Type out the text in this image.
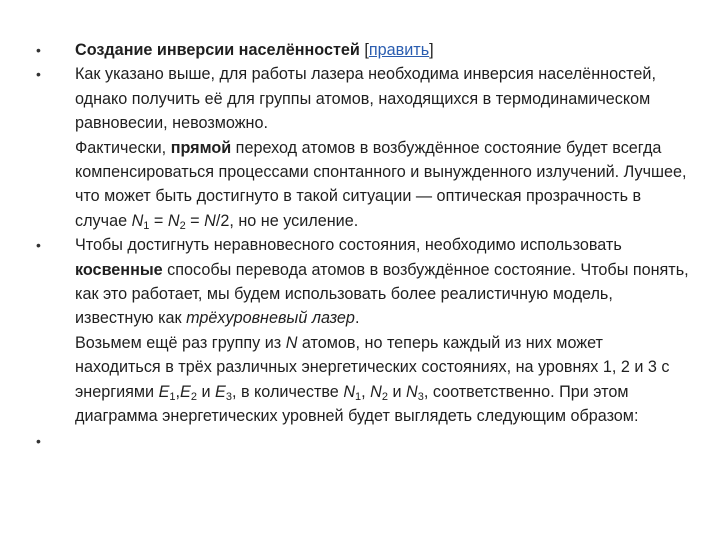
•	Создание инверсии населённостей [править]
•	Как указано выше, для работы лазера необходима инверсия населённостей, однако получить её для группы атомов, находящихся в термодинамическом равновесии, невозможно.
Фактически, прямой переход атомов в возбуждённое состояние будет всегда компенсироваться процессами спонтанного и вынужденного излучений. Лучшее, что может быть достигнуто в такой ситуации — оптическая прозрачность в случае $N_1 = N_2 = N/2$, но не усиление.
•	Чтобы достигнуть неравновесного состояния, необходимо использовать косвенные способы перевода атомов в возбуждённое состояние. Чтобы понять, как это работает, мы будем использовать более реалистичную модель, известную как трёхуровневый лазер.
Возьмем ещё раз группу из N атомов, но теперь каждый из них может находиться в трёх различных энергетических состояниях, на уровнях 1, 2 и 3 с энергиями $E_1,E_2$ и $E_3$, в количестве $N_1$, $N_2$ и $N_3$, соответственно. При этом диаграмма энергетических уровней будет выглядеть следующим образом:
•
